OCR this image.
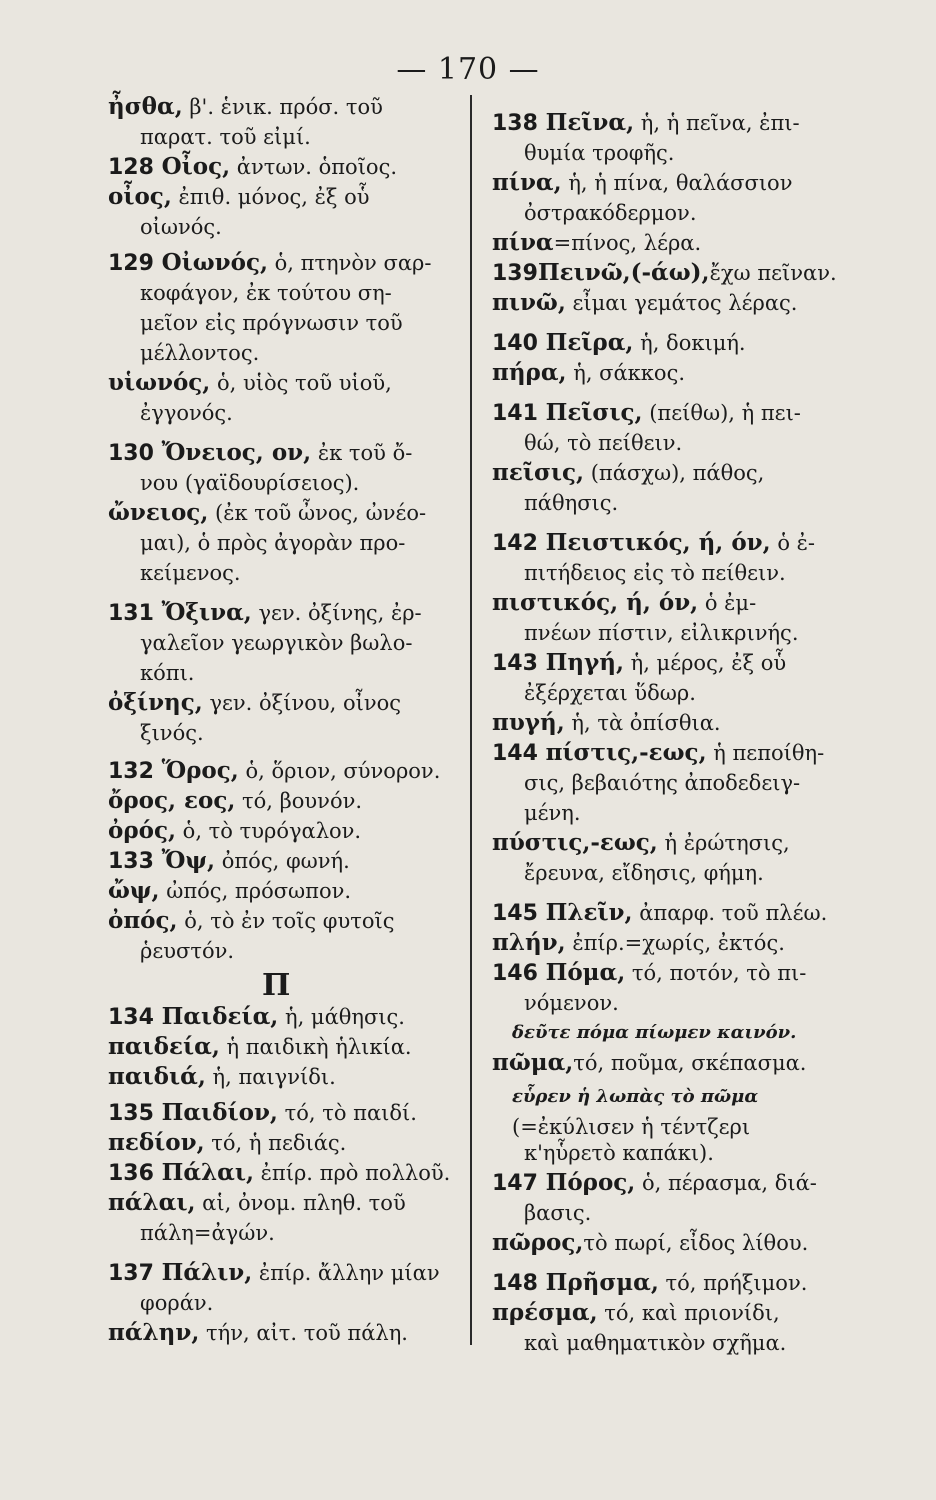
— 170 —
ἦσθα, β'. ἑνικ. πρόσ. τοῦ
παρατ. τοῦ εἰμί.
128 Οἶος, ἀντων. ὁποῖος.
οἶος, ἐπιθ. μόνος, ἐξ οὗ
οἰωνός.
129 Οἰωνός, ὁ, πτηνὸν σαρ-
κοφάγον, ἐκ τούτου ση-
μεῖον εἰς πρόγνωσιν τοῦ
μέλλοντος.
υἱωνός, ὁ, υἱὸς τοῦ υἱοῦ,
ἐγγονός.
130 Ὄνειος, ον, ἐκ τοῦ ὄ-
νου (γαϊδουρίσειος).
ὤνειος, (ἐκ τοῦ ὦνος, ὠνέο-
μαι), ὁ πρὸς ἀγορὰν προ-
κείμενος.
131 Ὄξινα, γεν. ὀξίνης, ἐρ-
γαλεῖον γεωργικὸν βωλο-
κόπι.
ὀξίνης, γεν. ὀξίνου, οἶνος
ξινός.
132 Ὅρος, ὁ, ὅριον, σύνορον.
ὄρος, εος, τό, βουνόν.
ὀρός, ὁ, τὸ τυρόγαλον.
133 Ὄψ, ὀπός, φωνή.
ὤψ, ὠπός, πρόσωπον.
ὀπός, ὁ, τὸ ἐν τοῖς φυτοῖς
ῥευστόν.
134 Παιδεία, ἡ, μάθησις.
παιδεία, ἡ παιδικὴ ἡλικία.
παιδιά, ἡ, παιγνίδι.
135 Παιδίον, τό, τὸ παιδί.
πεδίον, τό, ἡ πεδιάς.
136 Πάλαι, ἐπίρ. πρὸ πολλοῦ.
πάλαι, αἱ, ὀνομ. πληθ. τοῦ
πάλη=ἀγών.
137 Πάλιν, ἐπίρ. ἄλλην μίαν
φοράν.
πάλην, τήν, αἰτ. τοῦ πάλη.
138 Πεῖνα, ἡ, ἡ πεῖνα, ἐπι-
θυμία τροφῆς.
πίνα, ἡ, ἡ πίνα, θαλάσσιον
ὀστρακόδερμον.
πίνα=πίνος, λέρα.
139Πεινῶ,(-άω),ἔχω πεῖναν.
πινῶ, εἶμαι γεμάτος λέρας.
140 Πεῖρα, ἡ, δοκιμή.
πήρα, ἡ, σάκκος.
141 Πεῖσις, (πείθω), ἡ πει-
θώ, τὸ πείθειν.
πεῖσις, (πάσχω), πάθος,
πάθησις.
142 Πειστικός, ή, όν, ὁ ἐ-
πιτήδειος εἰς τὸ πείθειν.
πιστικός, ή, όν, ὁ ἐμ-
πνέων πίστιν, εἰλικρινής.
143 Πηγή, ἡ, μέρος, ἐξ οὗ
ἐξέρχεται ὕδωρ.
πυγή, ἡ, τὰ ὀπίσθια.
144 πίστις,-εως, ἡ πεποίθη-
σις, βεβαιότης ἀποδεδειγ-
μένη.
πύστις,-εως, ἡ ἐρώτησις,
ἔρευνα, εἴδησις, φήμη.
145 Πλεῖν, ἀπαρφ. τοῦ πλέω.
πλήν, ἐπίρ.=χωρίς, ἐκτός.
146 Πόμα, τό, ποτόν, τὸ πι-
νόμενον.
δεῦτε πόμα πίωμεν καινόν.
πῶμα,τό, ποῦμα, σκέπασμα.
εὗρεν ἡ λωπὰς τὸ πῶμα
(=ἐκύλισεν ἡ τέντζερι
κ'ηὗρετὸ καπάκι).
147 Πόρος, ὁ, πέρασμα, διά-
βασις.
πῶρος,τὸ πωρί, εἶδος λίθου.
148 Πρῆσμα, τό, πρήξιμον.
πρέσμα, τό, καὶ πριονίδι,
καὶ μαθηματικὸν σχῆμα.
Π
